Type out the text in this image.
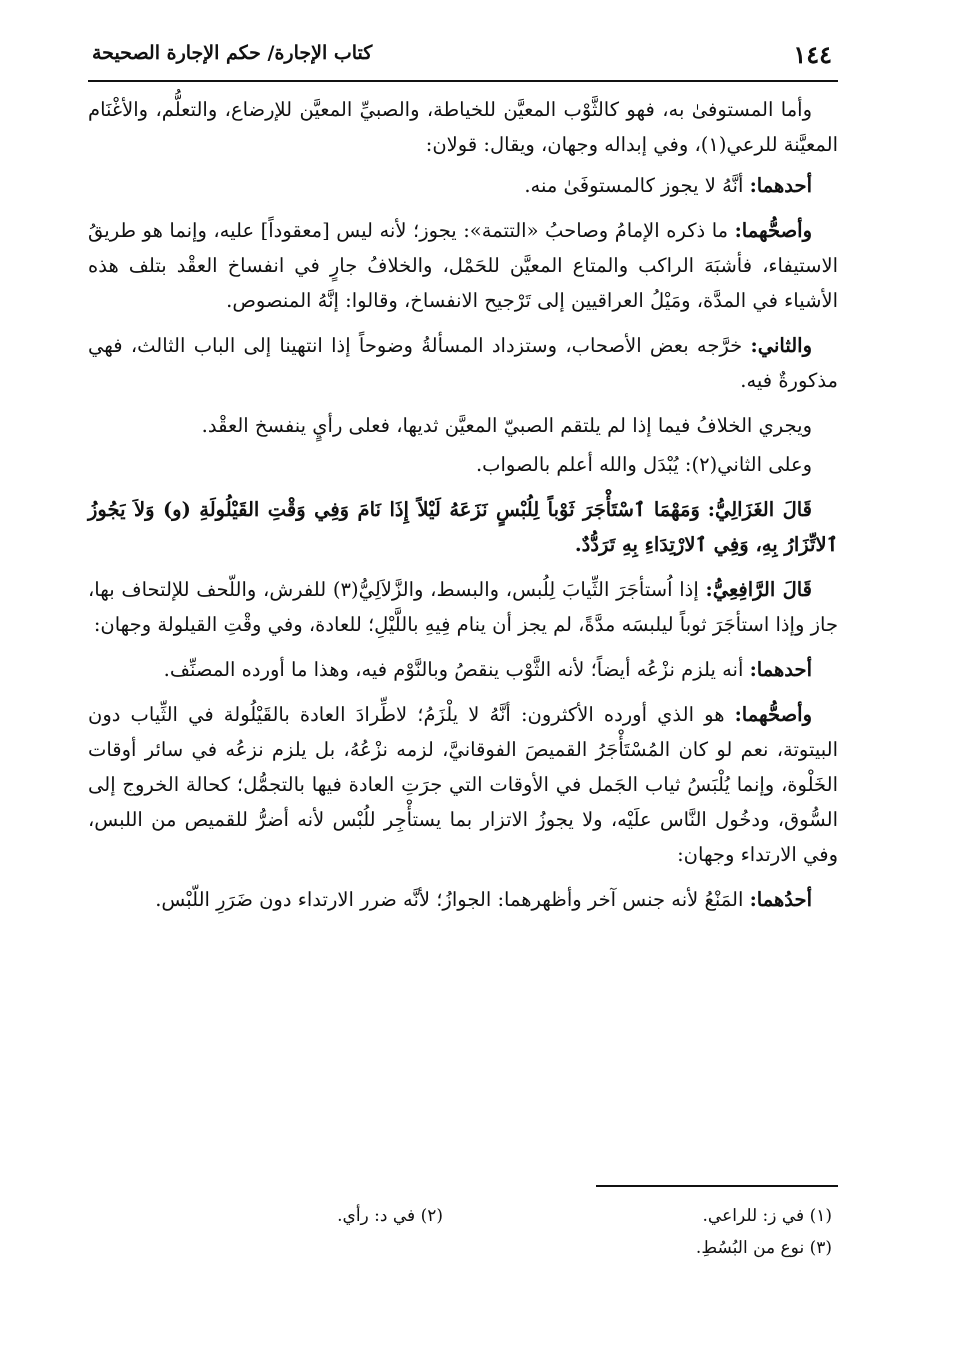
١٤٤
كتاب الإجارة/ حكم الإجارة الصحيحة

وأما المستوفىٰ به، فهو كالثَّوْب المعيَّن للخياطة، والصبيِّ المعيَّن للإرضاع، والتعلُّم، والأغْنَام المعيَّنة للرعي(١)، وفي إبداله وجهان، ويقال: قولان:

أحدهما: أنَّهُ لا يجوز كالمستوفَىٰ منه.

وأصحُّهما: ما ذكره الإمامُ وصاحبُ «التتمة»: يجوز؛ لأنه ليس [معقوداً] عليه، وإنما هو طريقُ الاستيفاء، فأشبَهَ الراكب والمتاع المعيَّن للحَمْل، والخلافُ جارٍ في انفساخ العقْد بتلف هذه الأشياء في المدَّة، ومَيْلُ العراقيين إلى تَرْجيح الانفساخ، وقالوا: إنَّهُ المنصوص.

والثاني: خرَّجه بعض الأصحاب، وستزداد المسألةُ وضوحاً إذا انتهينا إلى الباب الثالث، فهي مذكورةٌ فيه.

ويجري الخلافُ فيما إذا لم يلتقم الصبيّ المعيَّن ثديها، فعلى رأيٍ ينفسخ العقْد.

وعلى الثاني(٢): يُبْدَل والله أعلم بالصواب.

قَالَ الغَزَالِيُّ: وَمَهْمَا ٱسْتَأْجَرَ ثَوْباً لِلُبْسٍ نَزَعَهُ لَيْلاً إِذَا نَامَ وَفِي وَقْتِ القَيْلُولَةِ (و) وَلاَ يَجُوزُ ٱلاتِّزَارُ بِهِ، وَفِي ٱلارْتِدَاءِ بِهِ تَرَدُّدٌ.

قَالَ الرَّافِعِيُّ: إذا اُستأجَرَ الثِّيابَ لِلُبس، والبسط، والزَّلاَلِيُّ(٣) للفرش، واللّحف للإلتحاف بها، جاز وإذا استأجَرَ ثوباً ليلبسَه مدَّةً، لم يجز أن ينام فِيهِ باللَّيْلِ؛ للعادة، وفي وقْتِ القيلولة وجهان:

أحدهما: أنه يلزم نزْعُه أيضاً؛ لأنه الثَّوْب ينقصُ وبالنَّوْم فيه، وهذا ما أورده المصنِّف.

وأصحُّهما: هو الذي أورده الأكثرون: أنَّهُ لا يلْزَمُ؛ لاطِّرادَ العادة بالقَيْلُولة في الثِّياب دون البيتوتة، نعم لو كان المُسْتَأْجَرُ القميصَ الفوقانيَّ، لزمه نزْعُهُ، بل يلزم نزعُه في سائر أوقات الخَلْوة، وإنما يُلْبَسُ ثياب الجَمل في الأوقات التي جرَتِ العادة فيها بالتجمُّل؛ كحالة الخروج إلى السُّوق، ودخُول النَّاس علَيْه، ولا يجوزُ الاتزار بما يستأْجِر للُبْس لأنه أضرُّ للقميص من اللبس، وفي الارتداء وجهان:

أحدُهما: المَنْعُ لأنه جنس آخر وأظهرهما: الجوازُ؛ لأنَّه ضرر الارتداء دون ضَرَرِ اللّبْس.

(١) في ز: للراعي.
(٢) في د: رأي.
(٣) نوع من البُسُطِ.
